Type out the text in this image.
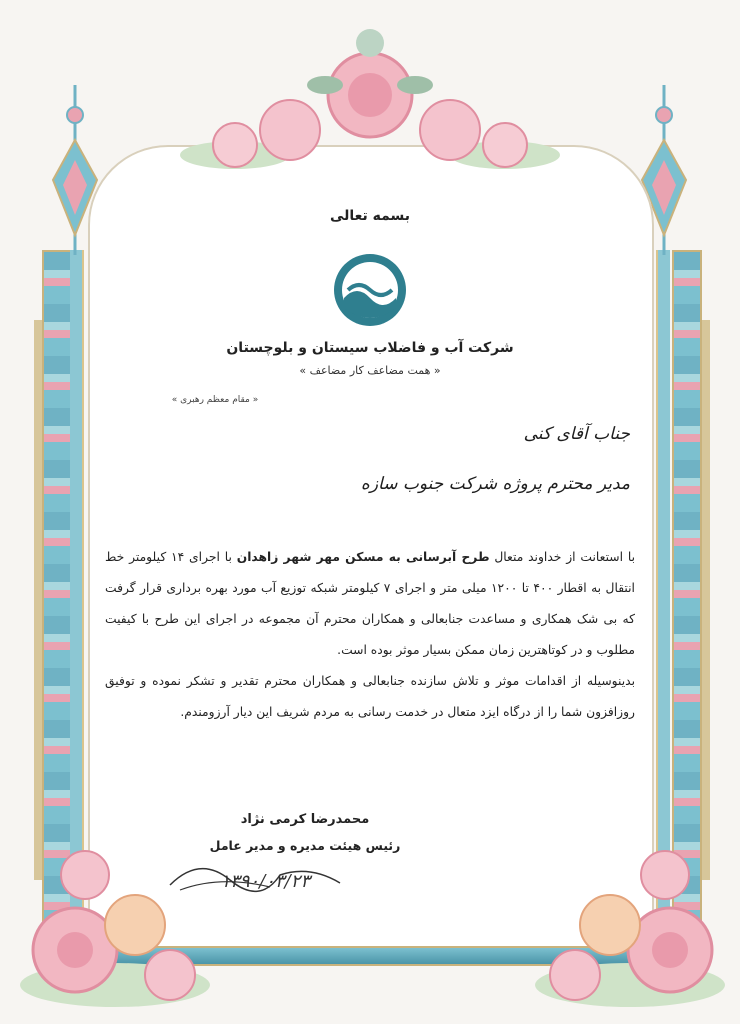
بسمه تعالی
شرکت آب و فاضلاب سیستان و بلوچستان
« همت مضاعف کار مضاعف »
« مقام معظم رهبری »
جناب آقای کنی
مدیر محترم پروژه شرکت جنوب سازه

با استعانت از خداوند متعال طرح آبرسانی به مسکن مهر شهر زاهدان با اجرای ۱۴ کیلومتر خط انتقال به اقطار ۴۰۰ تا ۱۲۰۰ میلی متر و اجرای ۷ کیلومتر شبکه توزیع آب مورد بهره برداری قرار گرفت که بی شک همکاری و مساعدت جنابعالی و همکاران محترم آن مجموعه در اجرای این طرح با کیفیت مطلوب و در کوتاهترین زمان ممکن بسیار موثر بوده است.

بدینوسیله از اقدامات موثر و تلاش سازنده جنابعالی و همکاران محترم تقدیر و تشکر نموده و توفیق روزافزون شما را از درگاه ایزد متعال در خدمت رسانی به مردم شریف این دیار آرزومندم.

محمدرضا کرمی نژاد
رئیس هیئت مدیره و مدیر عامل
۱۳۹۰/۰۳/۲۳
